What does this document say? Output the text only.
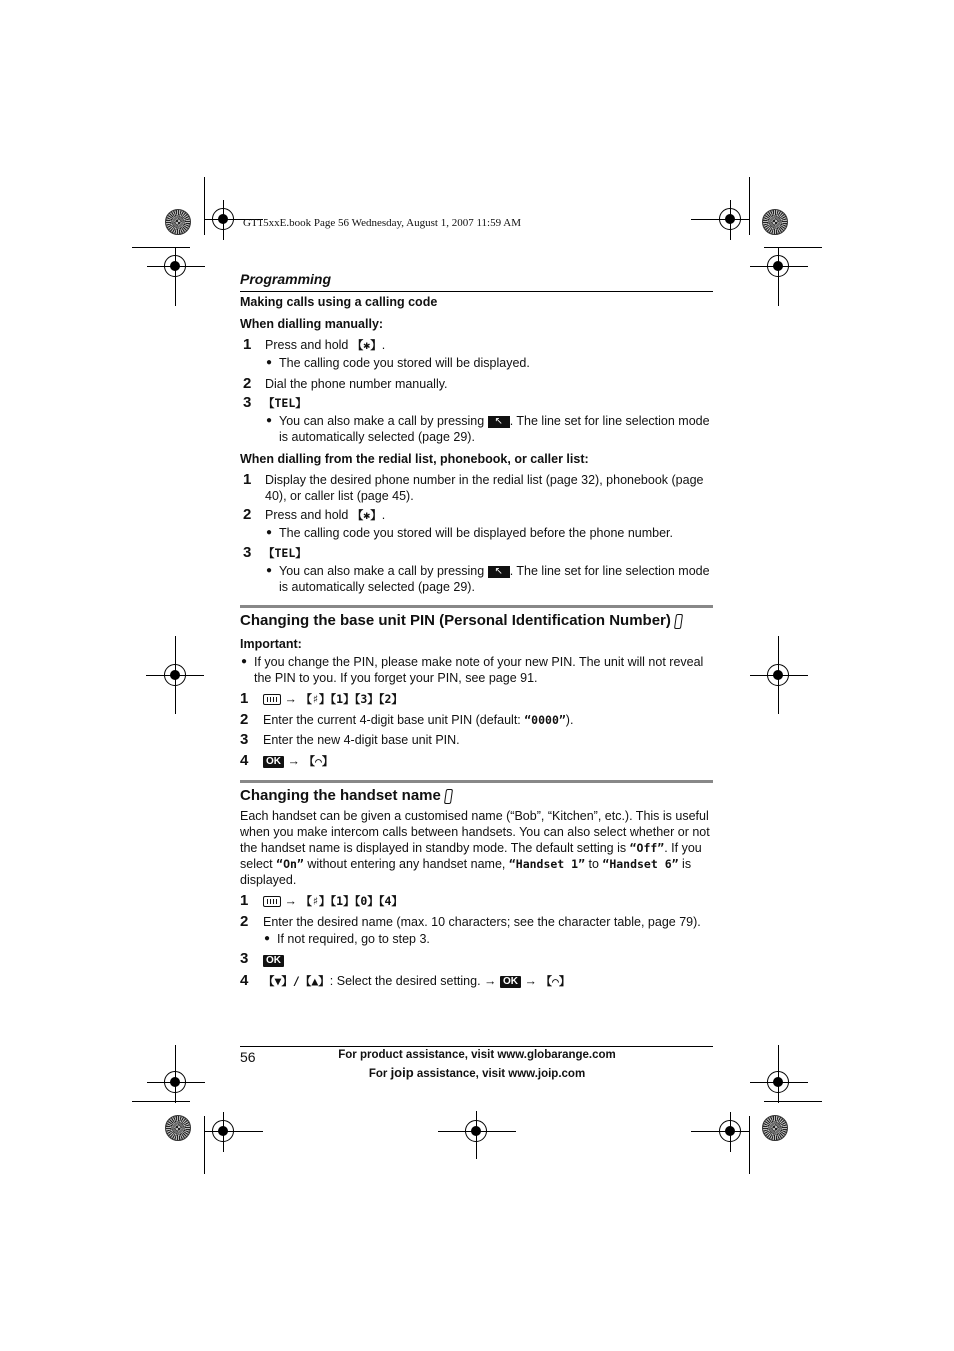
GT15xxE.book Page 56 Wednesday, August 1, 2007 11:59 AM
Programming
Making calls using a calling code
When dialling manually:
1	Press and hold 【✱】.
● The calling code you stored will be displayed.
2	Dial the phone number manually.
3	【TEL】
● You can also make a call by pressing ↖ . The line set for line selection mode is automatically selected (page 29).
When dialling from the redial list, phonebook, or caller list:
1	Display the desired phone number in the redial list (page 32), phonebook (page 40), or caller list (page 45).
2	Press and hold 【✱】.
● The calling code you stored will be displayed before the phone number.
3	【TEL】
● You can also make a call by pressing ↖ . The line set for line selection mode is automatically selected (page 29).
Changing the base unit PIN (Personal Identification Number)
Important:
● If you change the PIN, please make note of your new PIN. The unit will not reveal the PIN to you. If you forget your PIN, see page 91.
1	→ 【♯】【1】【3】【2】
2	Enter the current 4-digit base unit PIN (default: “0000”).
3	Enter the new 4-digit base unit PIN.
4	OK → 【⌒】
Changing the handset name
Each handset can be given a customised name (“Bob”, “Kitchen”, etc.). This is useful when you make intercom calls between handsets. You can also select whether or not the handset name is displayed in standby mode. The default setting is “Off”. If you select “On” without entering any handset name, “Handset 1” to “Handset 6” is displayed.
1	→ 【♯】【1】【0】【4】
2	Enter the desired name (max. 10 characters; see the character table, page 79).
● If not required, go to step 3.
3	OK
4	【▼】/【▲】: Select the desired setting. → OK → 【⌒】
56	For product assistance, visit www.globarange.com
For joip assistance, visit www.joip.com
